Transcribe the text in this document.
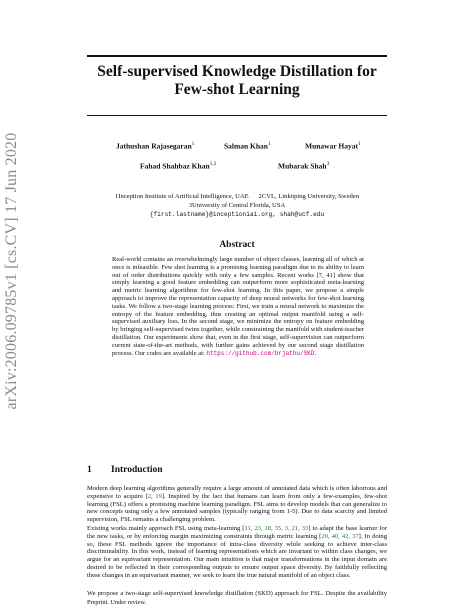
arXiv:2006.09785v1 [cs.CV] 17 Jun 2020
Self-supervised Knowledge Distillation for
Few-shot Learning
Jathushan Rajasegaran$^1$	Salman Khan$^1$	Munawar Hayat$^1$
Fahad Shahbaz Khan$^{1,2}$	Mubarak Shah$^3$
1Inception Institute of Artificial Intelligence, UAE 2CVL, Linköping University, Sweden
3University of Central Florida, USA
{first.lastname}@inceptioniai.org, shah@ucf.edu
Abstract
Real-world contains an overwhelmingly large number of object classes, learning all of which at once is infeasible. Few shot learning is a promising learning paradigm due to its ability to learn out of order distributions quickly with only a few samples. Recent works [7, 41] show that simply learning a good feature embedding can outperform more sophisticated meta-learning and metric learning algorithms for few-shot learning. In this paper, we propose a simple approach to improve the representation capacity of deep neural networks for few-shot learning tasks. We follow a two-stage learning process: First, we train a neural network to maximize the entropy of the feature embedding, thus creating an optimal output manifold using a self-supervised auxiliary loss. In the second stage, we minimize the entropy on feature embedding by bringing self-supervised twins together, while constraining the manifold with student-teacher distillation. Our experiments show that, even in the first stage, self-supervision can outperform current state-of-the-art methods, with further gains achieved by our second stage distillation process. Our codes are available at: https://github.com/brjathu/SKD.
1 Introduction
Modern deep learning algorithms generally require a large amount of annotated data which is often laborious and expensive to acquire [2, 19]. Inspired by the fact that humans can learn from only a few-examples, few-shot learning (FSL) offers a promising machine learning paradigm. FSL aims to develop models that can generalize to new concepts using only a few annotated samples (typically ranging from 1-5). Due to data scarcity and limited supervision, FSL remains a challenging problem.
Existing works mainly approach FSL using meta-learning [11, 23, 18, 35, 3, 21, 33] to adapt the base learner for the new tasks, or by enforcing margin maximizing constraints through metric learning [20, 40, 42, 37]. In doing so, these FSL methods ignore the importance of intra-class diversity while seeking to achieve inter-class discriminability. In this work, instead of learning representations which are invariant to within class changes, we argue for an equivariant representation. Our main intuition is that major transformations in the input domain are desired to be reflected in their corresponding outputs to ensure output space diversity. By faithfully reflecting these changes in an equivariant manner, we seek to learn the true natural manifold of an object class.
We propose a two-stage self-supervised knowledge distillation (SKD) approach for FSL. Despite the availability
Preprint. Under review.
